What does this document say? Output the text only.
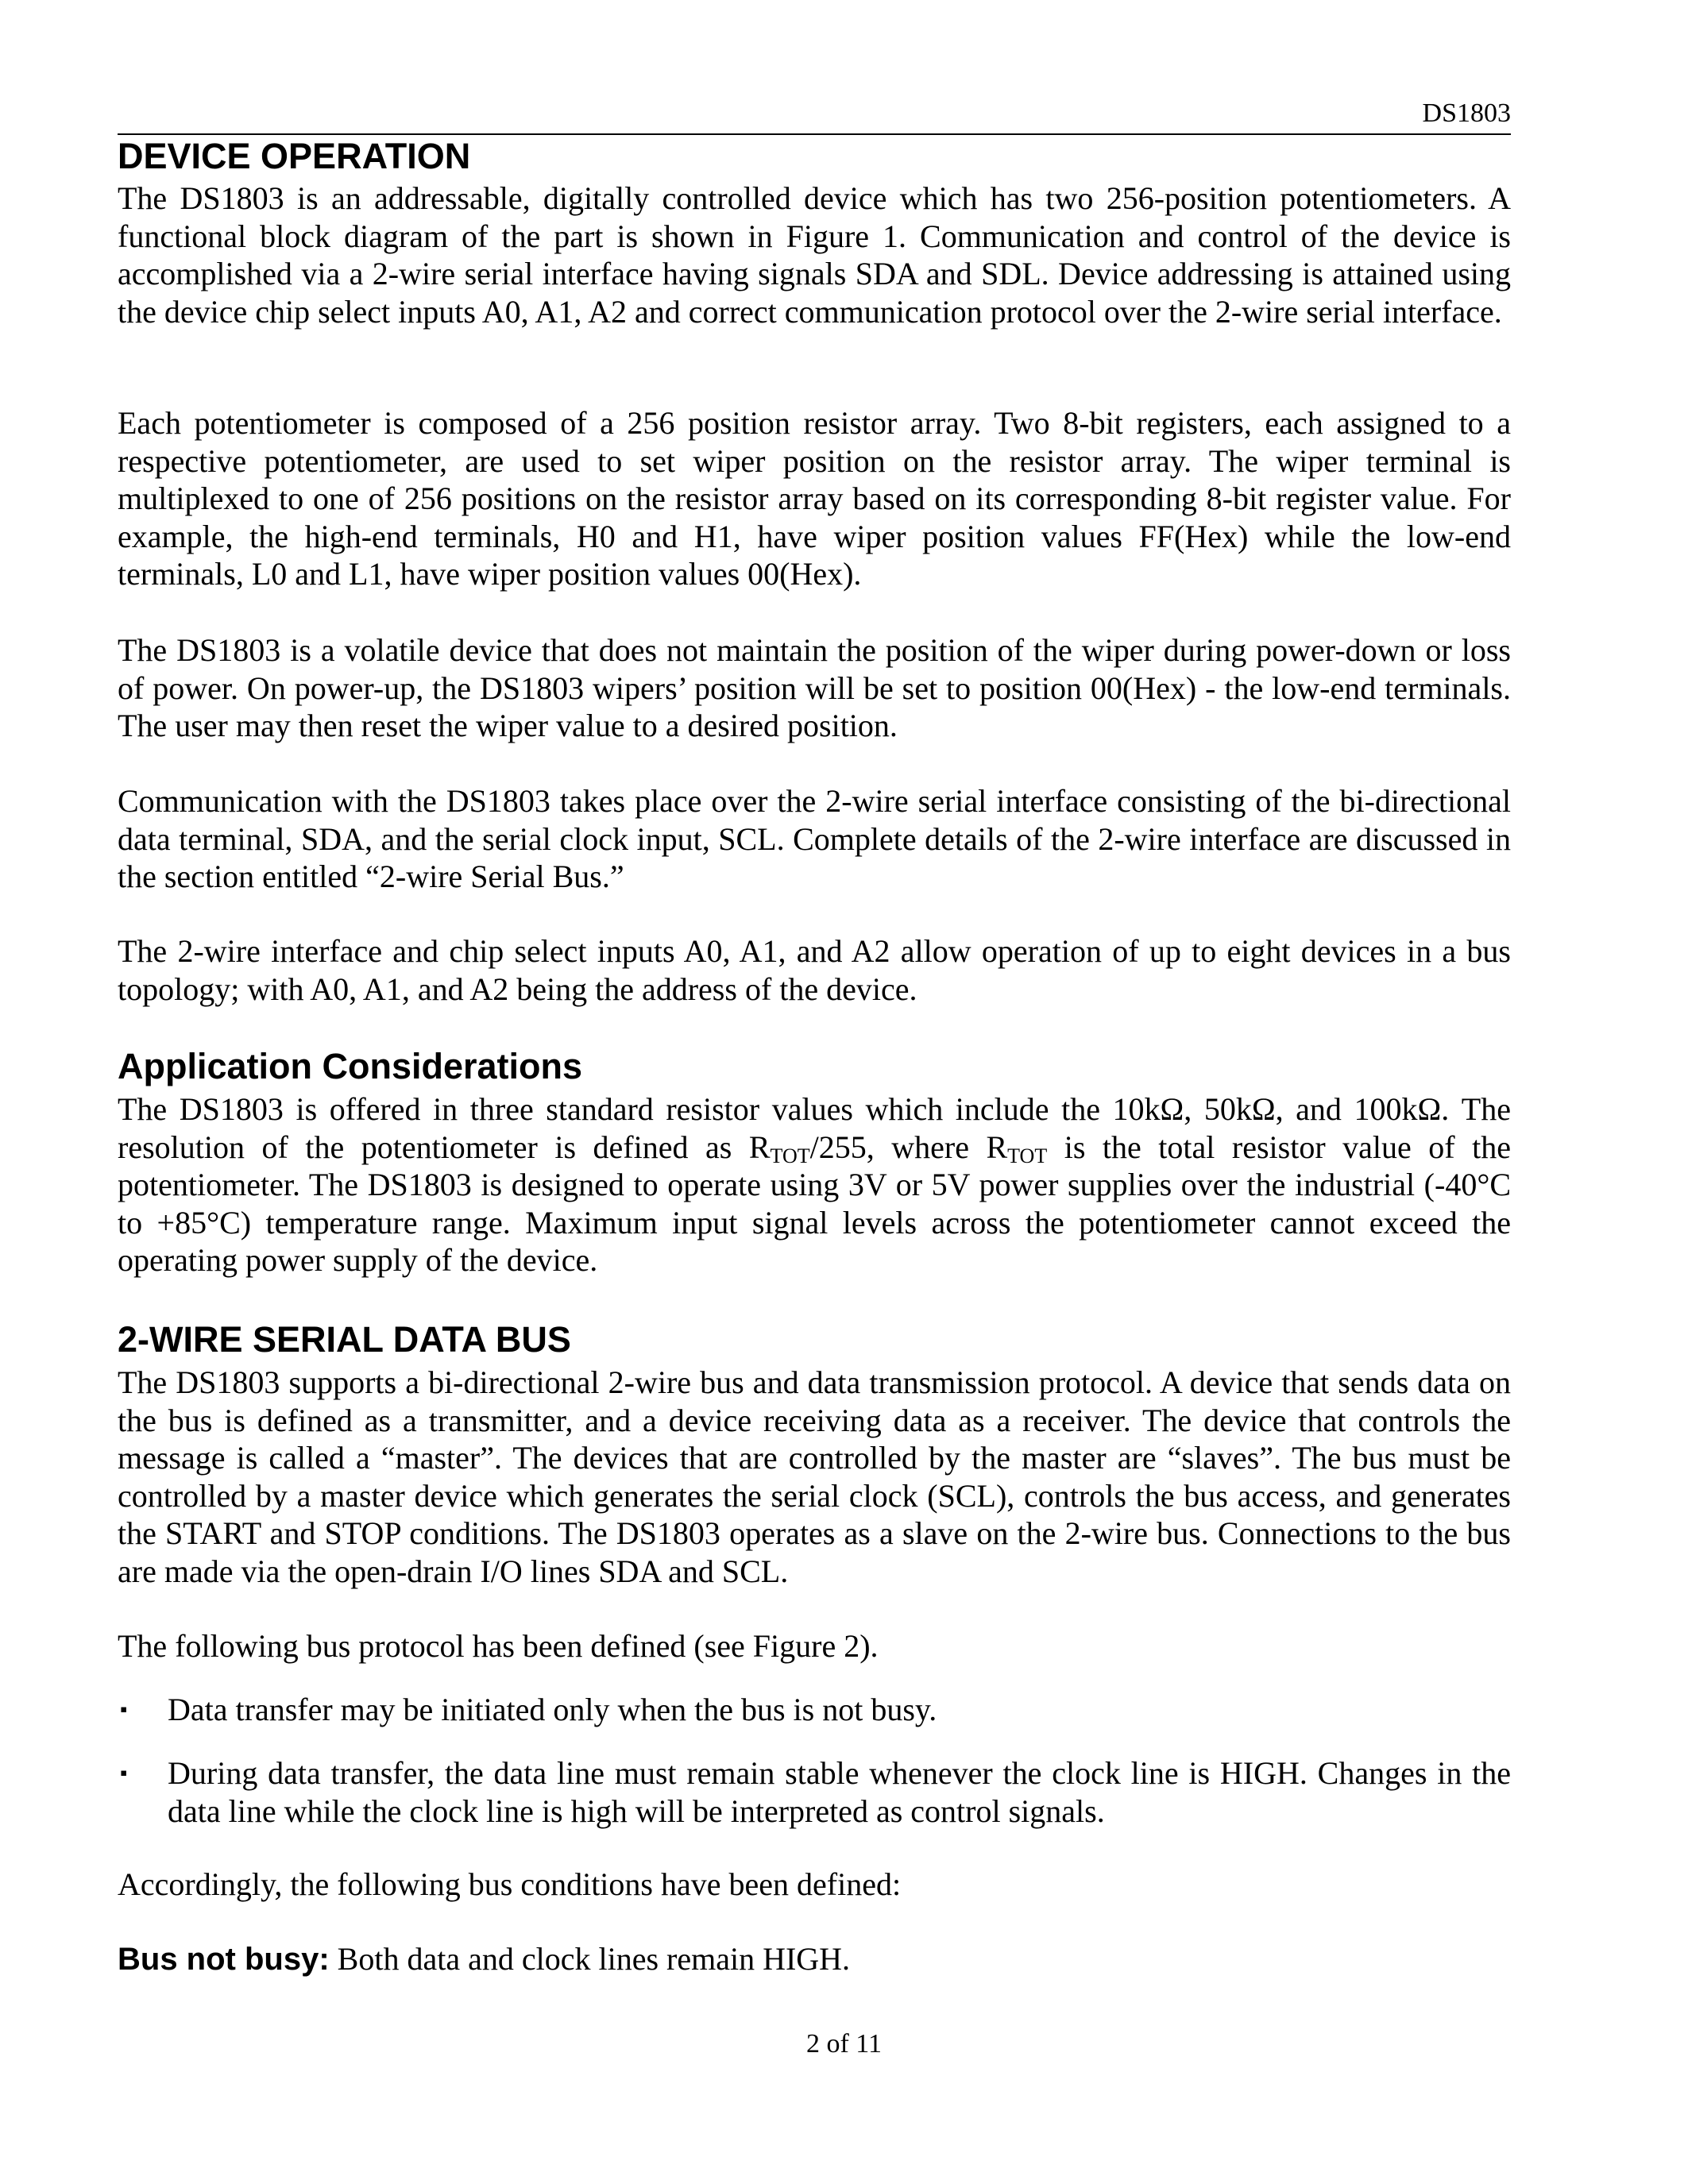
DS1803
DEVICE OPERATION
The DS1803 is an addressable, digitally controlled device which has two 256-position potentiometers. A functional block diagram of the part is shown in Figure 1. Communication and control of the device is accomplished via a 2-wire serial interface having signals SDA and SDL. Device addressing is attained using the device chip select inputs A0, A1, A2 and correct communication protocol over the 2-wire serial interface.
Each potentiometer is composed of a 256 position resistor array. Two 8-bit registers, each assigned to a respective potentiometer, are used to set wiper position on the resistor array. The wiper terminal is multiplexed to one of 256 positions on the resistor array based on its corresponding 8-bit register value. For example, the high-end terminals, H0 and H1, have wiper position values FF(Hex) while the low-end terminals, L0 and L1, have wiper position values 00(Hex).
The DS1803 is a volatile device that does not maintain the position of the wiper during power-down or loss of power. On power-up, the DS1803 wipers’ position will be set to position 00(Hex) - the low-end terminals. The user may then reset the wiper value to a desired position.
Communication with the DS1803 takes place over the 2-wire serial interface consisting of the bi-directional data terminal, SDA, and the serial clock input, SCL. Complete details of the 2-wire interface are discussed in the section entitled “2-wire Serial Bus.”
The 2-wire interface and chip select inputs A0, A1, and A2 allow operation of up to eight devices in a bus topology; with A0, A1, and A2 being the address of the device.
Application Considerations
The DS1803 is offered in three standard resistor values which include the 10kΩ, 50kΩ, and 100kΩ. The resolution of the potentiometer is defined as $R_{TOT}/255$, where $R_{TOT}$ is the total resistor value of the potentiometer. The DS1803 is designed to operate using 3V or 5V power supplies over the industrial (-40°C to +85°C) temperature range. Maximum input signal levels across the potentiometer cannot exceed the operating power supply of the device.
2-WIRE SERIAL DATA BUS
The DS1803 supports a bi-directional 2-wire bus and data transmission protocol. A device that sends data on the bus is defined as a transmitter, and a device receiving data as a receiver. The device that controls the message is called a “master”. The devices that are controlled by the master are “slaves”. The bus must be controlled by a master device which generates the serial clock (SCL), controls the bus access, and generates the START and STOP conditions. The DS1803 operates as a slave on the 2-wire bus. Connections to the bus are made via the open-drain I/O lines SDA and SCL.
The following bus protocol has been defined (see Figure 2).
▪ Data transfer may be initiated only when the bus is not busy.
▪ During data transfer, the data line must remain stable whenever the clock line is HIGH. Changes in the data line while the clock line is high will be interpreted as control signals.
Accordingly, the following bus conditions have been defined:
Bus not busy: Both data and clock lines remain HIGH.
2 of 11
